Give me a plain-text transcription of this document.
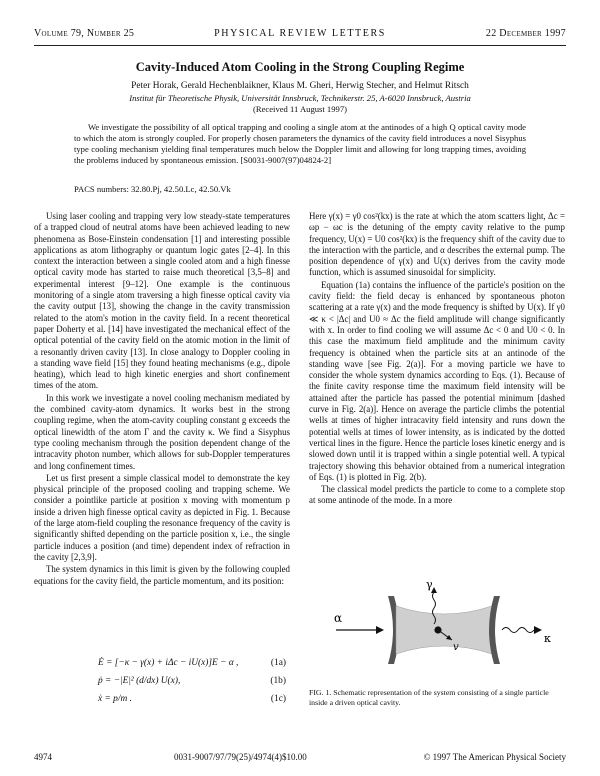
Volume 79, Number 25	PHYSICAL REVIEW LETTERS	22 December 1997
Cavity-Induced Atom Cooling in the Strong Coupling Regime
Peter Horak, Gerald Hechenblaikner, Klaus M. Gheri, Herwig Stecher, and Helmut Ritsch
Institut für Theoretische Physik, Universität Innsbruck, Technikerstr. 25, A-6020 Innsbruck, Austria
(Received 11 August 1997)
We investigate the possibility of all optical trapping and cooling a single atom at the antinodes of a high Q optical cavity mode to which the atom is strongly coupled. For properly chosen parameters the dynamics of the cavity field introduces a novel Sisyphus type cooling mechanism yielding final temperatures much below the Doppler limit and allowing for long trapping times, avoiding the problems induced by spontaneous emission. [S0031-9007(97)04824-2]
PACS numbers: 32.80.Pj, 42.50.Lc, 42.50.Vk

Using laser cooling and trapping very low steady-state temperatures of a trapped cloud of neutral atoms have been achieved leading to new phenomena as Bose-Einstein condensation [1] and interesting possible applications as atom lithography or quantum logic gates [2–4]. In this context the interaction between a single cooled atom and a high finesse optical cavity mode has started to raise much theoretical [3,5–8] and experimental interest [9–12]. One example is the continuous monitoring of a single atom traversing a high finesse optical cavity via the cavity output [13], showing the change in the cavity transmission related to the atom's motion in the cavity field. In a recent theoretical paper Doherty et al. [14] have investigated the mechanical effect of the optical potential of the cavity field on the atomic motion in the limit of a resonantly driven cavity [13]. In close analogy to Doppler cooling in a standing wave field [15] they found heating mechanisms (e.g., dipole heating), which lead to high kinetic energies and short confinement times of the atom.

In this work we investigate a novel cooling mechanism mediated by the combined cavity-atom dynamics. It works best in the strong coupling regime, when the atom-cavity coupling constant g exceeds the optical linewidth of the atom Γ and the cavity κ. We find a Sisyphus type cooling mechanism through the position dependent change of the intracavity photon number, which allows for sub-Doppler temperatures and long confinement times.

Let us first present a simple classical model to demonstrate the key physical principle of the proposed cooling and trapping scheme. We consider a pointlike particle at position x moving with momentum p inside a driven high finesse optical cavity as depicted in Fig. 1. Because of the large atom-field coupling the resonance frequency of the cavity is significantly shifted depending on the particle position x, i.e., the single particle induces a position (and time) dependent index of refraction in the cavity [2,3,9].

The system dynamics in this limit is given by the following coupled equations for the cavity field, the particle momentum, and its position:

Ė = [−κ − γ(x) + iΔc − iU(x)]E − α ,	(1a)
ṗ = −|E|² (d/dx) U(x),	(1b)
ẋ = p/m .	(1c)

Here γ(x) = γ0 cos²(kx) is the rate at which the atom scatters light, Δc = ωp − ωc is the detuning of the empty cavity relative to the pump frequency, U(x) = U0 cos²(kx) is the frequency shift of the cavity due to the interaction with the particle, and α describes the external pump. The position dependence of γ(x) and U(x) derives from the cavity mode function, which is assumed sinusoidal for simplicity.

Equation (1a) contains the influence of the particle's position on the cavity field: the field decay is enhanced by spontaneous photon scattering at a rate γ(x) and the mode frequency is shifted by U(x). If γ0 ≪ κ < |Δc| and U0 ≈ Δc the field amplitude will change significantly with x. In order to find cooling we will assume Δc < 0 and U0 < 0. In this case the maximum field amplitude and the minimum cavity frequency is obtained when the particle sits at an antinode of the standing wave [see Fig. 2(a)]. For a moving particle we have to consider the whole system dynamics according to Eqs. (1). Because of the finite cavity response time the maximum field intensity will be attained after the particle has passed the potential minimum [dashed curve in Fig. 2(a)]. Hence on average the particle climbs the potential wells at times of higher intracavity field intensity and runs down the potential wells at times of lower intensity, as is indicated by the dotted vertical lines in the figure. Hence the particle loses kinetic energy and is slowed down until it is trapped within a single potential well. A typical trajectory showing this behavior obtained from a numerical integration of Eqs. (1) is plotted in Fig. 2(b).

The classical model predicts the particle to come to a complete stop at some antinode of the mode. In a more

α
v
γ
κ
FIG. 1. Schematic representation of the system consisting of a single particle inside a driven optical cavity.
4974	0031-9007/97/79(25)/4974(4)$10.00	© 1997 The American Physical Society
